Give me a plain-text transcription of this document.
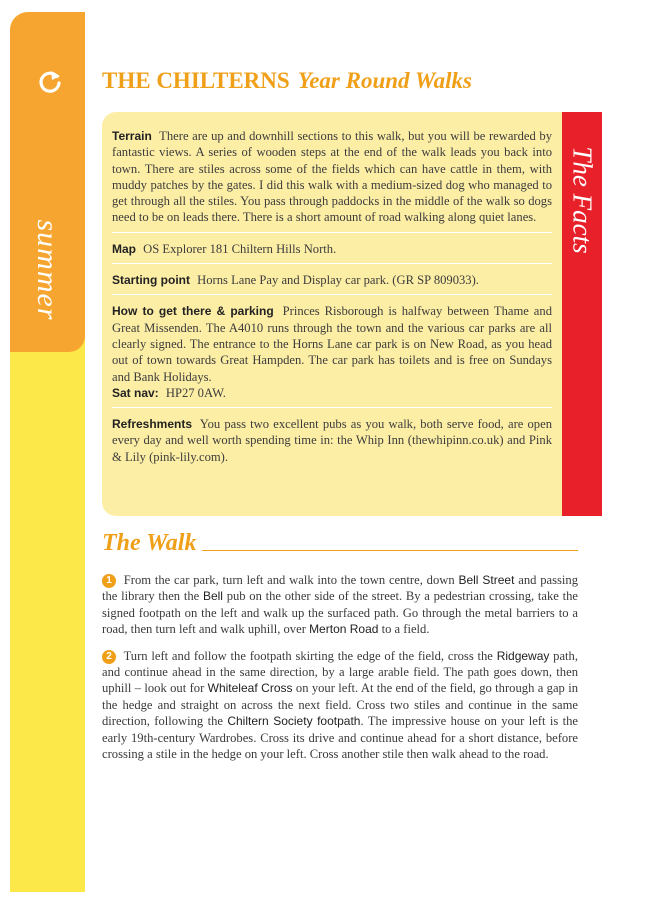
summer
THE CHILTERNS Year Round Walks
The Facts

Terrain There are up and downhill sections to this walk, but you will be rewarded by fantastic views. A series of wooden steps at the end of the walk leads you back into town. There are stiles across some of the fields which can have cattle in them, with muddy patches by the gates. I did this walk with a medium-sized dog who managed to get through all the stiles. You pass through paddocks in the middle of the walk so dogs need to be on leads there. There is a short amount of road walking along quiet lanes.

Map OS Explorer 181 Chiltern Hills North.

Starting point Horns Lane Pay and Display car park. (GR SP 809033).

How to get there & parking Princes Risborough is halfway between Thame and Great Missenden. The A4010 runs through the town and the various car parks are all clearly signed. The entrance to the Horns Lane car park is on New Road, as you head out of town towards Great Hampden. The car park has toilets and is free on Sundays and Bank Holidays.

Sat nav: HP27 0AW.

Refreshments You pass two excellent pubs as you walk, both serve food, are open every day and well worth spending time in: the Whip Inn (thewhipinn.co.uk) and Pink & Lily (pink-lily.com).

The Walk

1 From the car park, turn left and walk into the town centre, down Bell Street and passing the library then the Bell pub on the other side of the street. By a pedestrian crossing, take the signed footpath on the left and walk up the surfaced path. Go through the metal barriers to a road, then turn left and walk uphill, over Merton Road to a field.

2 Turn left and follow the footpath skirting the edge of the field, cross the Ridgeway path, and continue ahead in the same direction, by a large arable field. The path goes down, then uphill – look out for Whiteleaf Cross on your left. At the end of the field, go through a gap in the hedge and straight on across the next field. Cross two stiles and continue in the same direction, following the Chiltern Society footpath. The impressive house on your left is the early 19th-century Wardrobes. Cross its drive and continue ahead for a short distance, before crossing a stile in the hedge on your left. Cross another stile then walk ahead to the road.
